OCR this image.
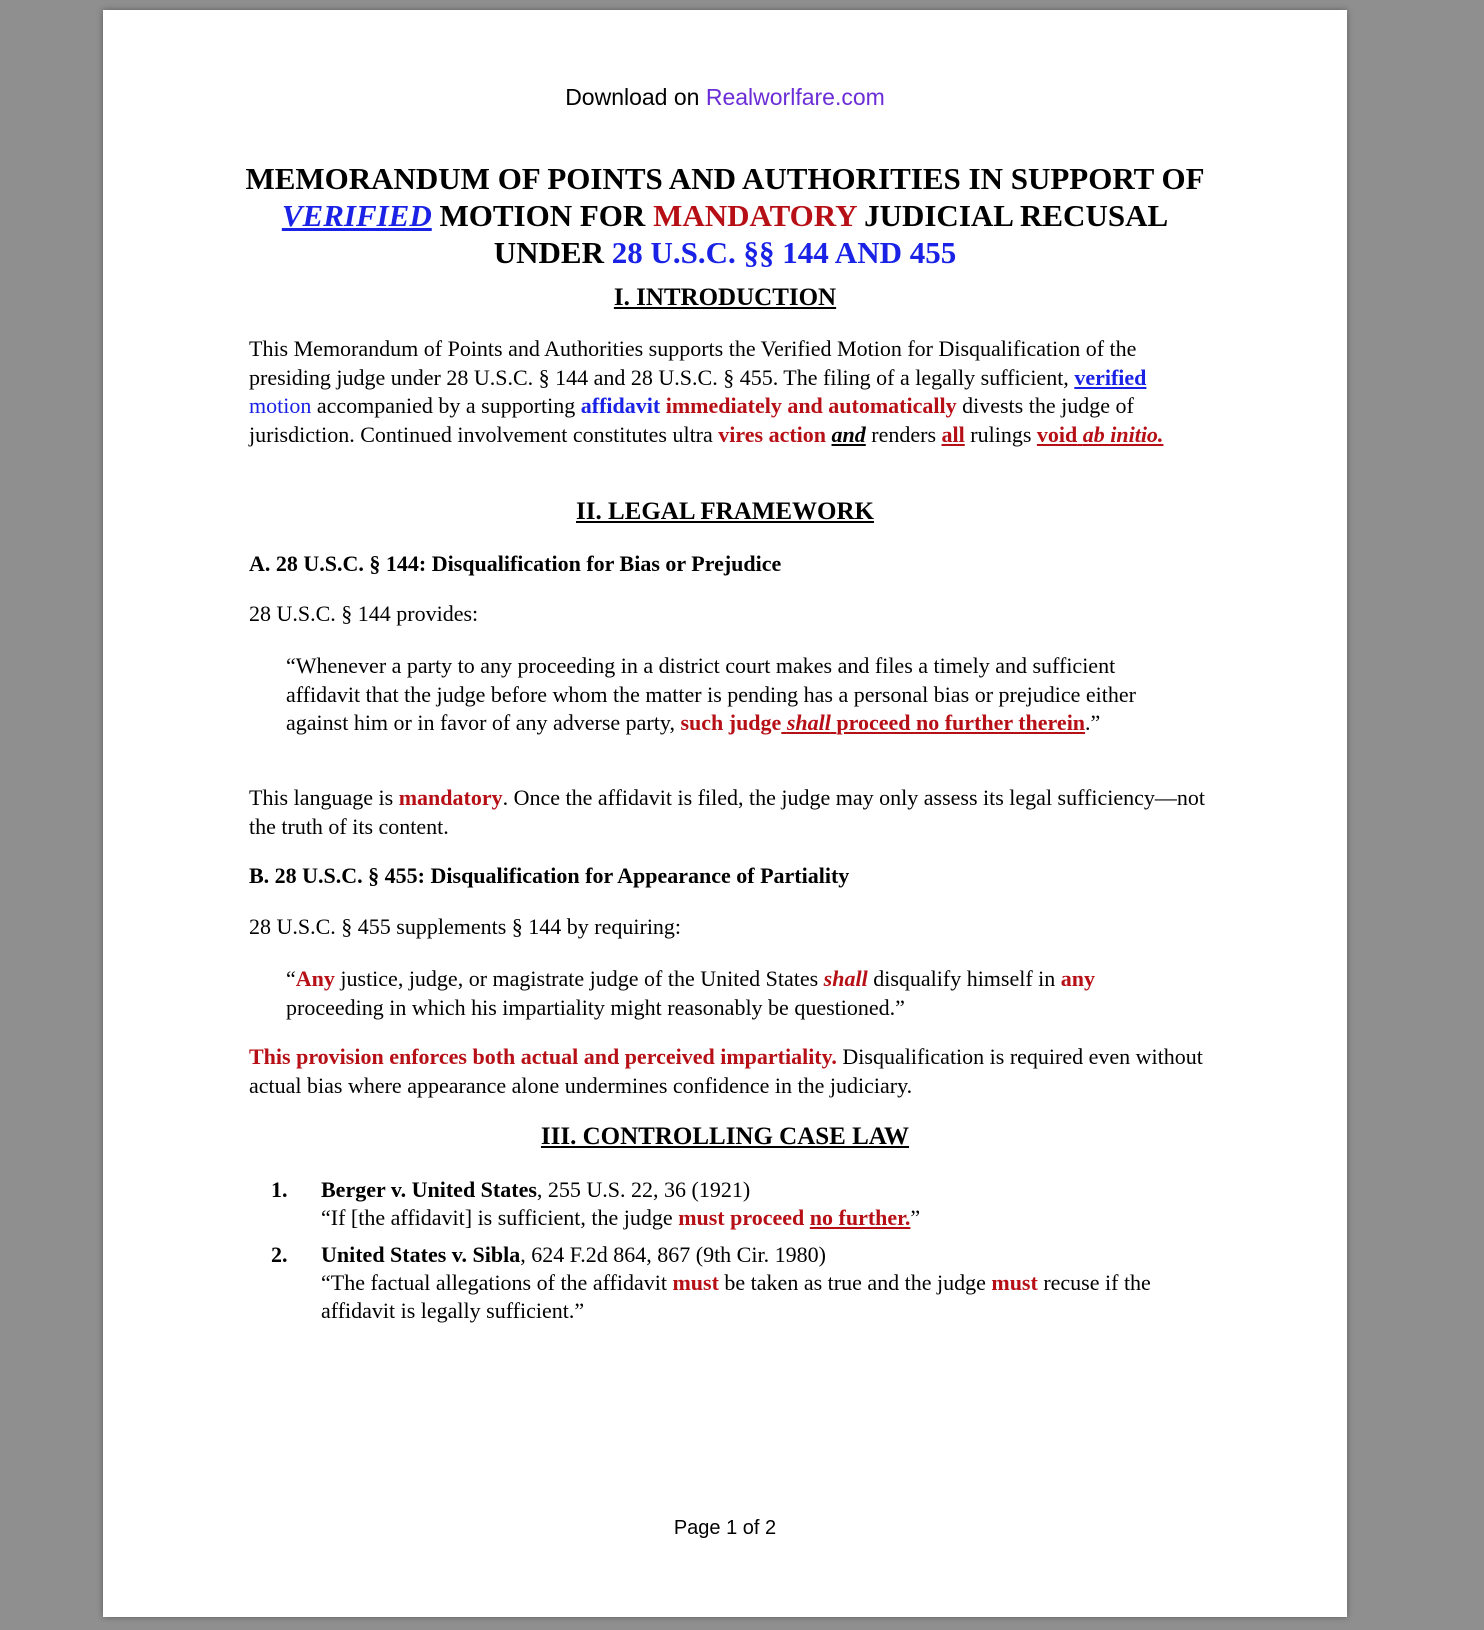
Download on Realworlfare.com
MEMORANDUM OF POINTS AND AUTHORITIES IN SUPPORT OF
VERIFIED MOTION FOR MANDATORY JUDICIAL RECUSAL
UNDER 28 U.S.C. §§ 144 AND 455
I. INTRODUCTION
This Memorandum of Points and Authorities supports the Verified Motion for Disqualification of the presiding judge under 28 U.S.C. § 144 and 28 U.S.C. § 455. The filing of a legally sufficient, verified motion accompanied by a supporting affidavit immediately and automatically divests the judge of jurisdiction. Continued involvement constitutes ultra vires action and renders all rulings void ab initio.
II. LEGAL FRAMEWORK
A. 28 U.S.C. § 144: Disqualification for Bias or Prejudice
28 U.S.C. § 144 provides:
“Whenever a party to any proceeding in a district court makes and files a timely and sufficient affidavit that the judge before whom the matter is pending has a personal bias or prejudice either against him or in favor of any adverse party, such judge shall proceed no further therein.”
This language is mandatory. Once the affidavit is filed, the judge may only assess its legal sufficiency—not the truth of its content.
B. 28 U.S.C. § 455: Disqualification for Appearance of Partiality
28 U.S.C. § 455 supplements § 144 by requiring:
“Any justice, judge, or magistrate judge of the United States shall disqualify himself in any proceeding in which his impartiality might reasonably be questioned.”
This provision enforces both actual and perceived impartiality. Disqualification is required even without actual bias where appearance alone undermines confidence in the judiciary.
III. CONTROLLING CASE LAW
1. Berger v. United States, 255 U.S. 22, 36 (1921)
“If [the affidavit] is sufficient, the judge must proceed no further.”
2. United States v. Sibla, 624 F.2d 864, 867 (9th Cir. 1980)
“The factual allegations of the affidavit must be taken as true and the judge must recuse if the affidavit is legally sufficient.”
Page 1 of 2
